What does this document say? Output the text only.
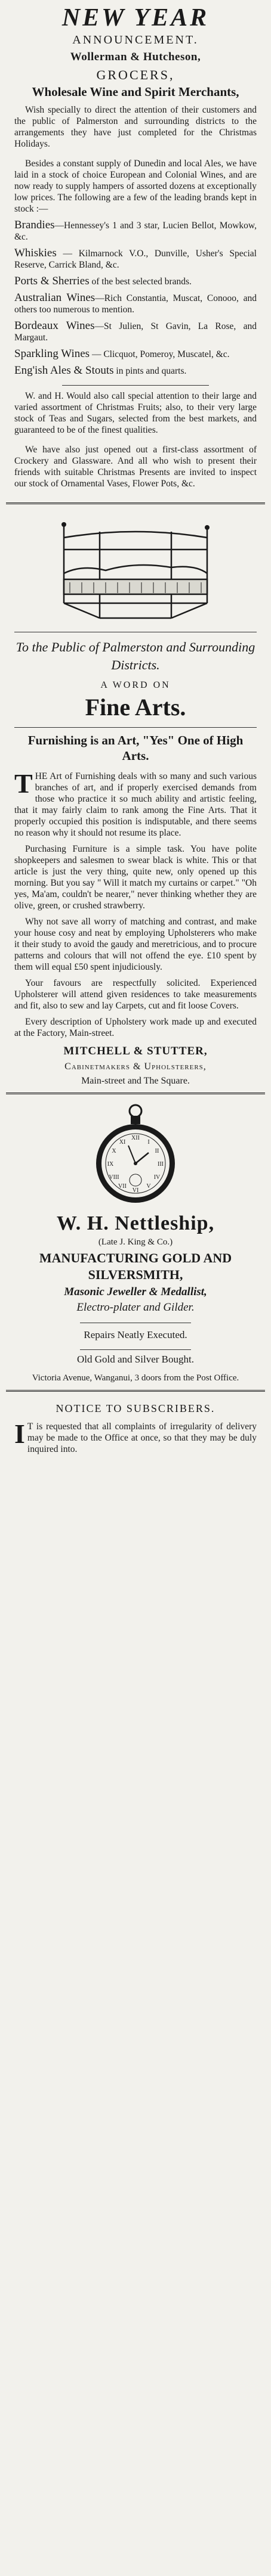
NEW YEAR
ANNOUNCEMENT.
Wollerman & Hutcheson,
GROCERS,
Wholesale Wine and Spirit Merchants,

Wish specially to direct the attention of their customers and the public of Palmerston and surrounding districts to the arrangements they have just completed for the Christmas Holidays.

Besides a constant supply of Dunedin and local Ales, we have laid in a stock of choice European and Colonial Wines, and are now ready to supply hampers of assorted dozens at exceptionally low prices. The following are a few of the leading brands kept in stock :—

Brandies—Hennessey's 1 and 3 star, Lucien Bellot, Mowkow, &c.

Whiskies — Kilmarnock V.O., Dunville, Usher's Special Reserve, Carrick Bland, &c.

Ports & Sherries of the best selected brands.

Australian Wines—Rich Constantia, Muscat, Conooo, and others too numerous to mention.

Bordeaux Wines—St Julien, St Gavin, La Rose, and Margaut.

Sparkling Wines — Clicquot, Pomeroy, Muscatel, &c.

Eng'ish Ales & Stouts in pints and quarts.

W. and H. Would also call special attention to their large and varied assortment of Christmas Fruits; also, to their very large stock of Teas and Sugars, selected from the best markets, and guaranteed to be of the finest qualities.

We have also just opened out a first-class assortment of Crockery and Glassware. And all who wish to present their friends with suitable Christmas Presents are invited to inspect our stock of Ornamental Vases, Flower Pots, &c.

To the Public of Palmerston and Surrounding Districts.

A WORD ON
Fine Arts.
Furnishing is an Art, "Yes" One of High Arts.

THE Art of Furnishing deals with so many and such various branches of art, and if properly exercised demands from those who practice it so much ability and artistic feeling, that it may fairly claim to rank among the Fine Arts. That it properly occupied this position is indisputable, and there seems no reason why it should not resume its place.

Purchasing Furniture is a simple task. You have polite shopkeepers and salesmen to swear black is white. This or that article is just the very thing, quite new, only opened up this morning. But you say " Will it match my curtains or carpet." "Oh yes, Ma'am, couldn't be nearer," never thinking whether they are olive, green, or crushed strawberry.

Why not save all worry of matching and contrast, and make your house cosy and neat by employing Upholsterers who make it their study to avoid the gaudy and meretricious, and to procure patterns and colours that will not offend the eye. £10 spent by them will equal £50 spent injudiciously.

Your favours are respectfully solicited. Experienced Upholsterer will attend given residences to take measurements and fit, also to sew and lay Carpets, cut and fit loose Covers.

Every description of Upholstery work made up and executed at the Factory, Main-street.

MITCHELL & STUTTER,
Cabinetmakers & Upholsterers,
Main-street and The Square.
XII
III
VI
IX
I
II
IV
V
VII
VIII
X
XI
W. H. Nettleship,
(Late J. King & Co.)
MANUFACTURING GOLD AND SILVERSMITH,
Masonic Jeweller & Medallist,
Electro-plater and Gilder.
Repairs Neatly Executed.
Old Gold and Silver Bought.

Victoria Avenue, Wanganui, 3 doors from the Post Office.

NOTICE TO SUBSCRIBERS.

I T is requested that all complaints of irregularity of delivery may be made to the Office at once, so that they may be duly inquired into.
